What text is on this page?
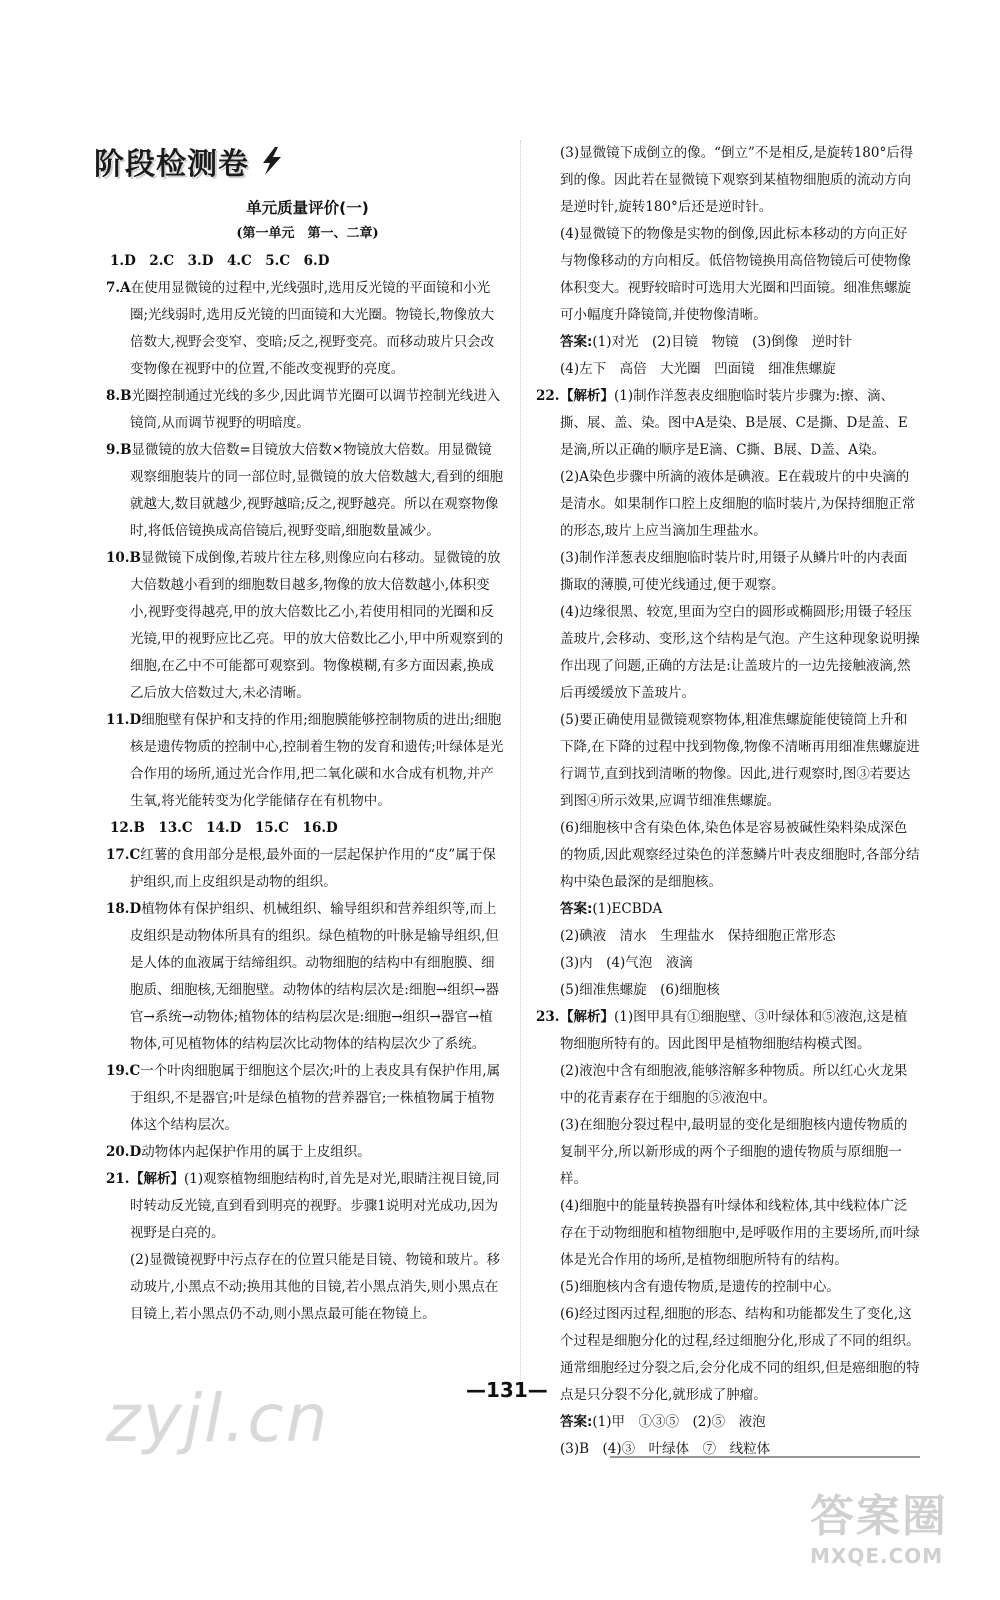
阶段检测卷
单元质量评价(一)
(第一单元　第一、二章)
1.D　2.C　3.D　4.C　5.C　6.D
7.A在使用显微镜的过程中,光线强时,选用反光镜的平面镜和小光圈;光线弱时,选用反光镜的凹面镜和大光圈。物镜长,物像放大倍数大,视野会变窄、变暗;反之,视野变亮。而移动玻片只会改变物像在视野中的位置,不能改变视野的亮度。
8.B光圈控制通过光线的多少,因此调节光圈可以调节控制光线进入镜筒,从而调节视野的明暗度。
9.B显微镜的放大倍数=目镜放大倍数×物镜放大倍数。用显微镜观察细胞装片的同一部位时,显微镜的放大倍数越大,看到的细胞就越大,数目就越少,视野越暗;反之,视野越亮。所以在观察物像时,将低倍镜换成高倍镜后,视野变暗,细胞数量减少。
10.B显微镜下成倒像,若玻片往左移,则像应向右移动。显微镜的放大倍数越小看到的细胞数目越多,物像的放大倍数越小,体积变小,视野变得越亮,甲的放大倍数比乙小,若使用相同的光圈和反光镜,甲的视野应比乙亮。甲的放大倍数比乙小,甲中所观察到的细胞,在乙中不可能都可观察到。物像模糊,有多方面因素,换成乙后放大倍数过大,未必清晰。
11.D细胞壁有保护和支持的作用;细胞膜能够控制物质的进出;细胞核是遗传物质的控制中心,控制着生物的发育和遗传;叶绿体是光合作用的场所,通过光合作用,把二氧化碳和水合成有机物,并产生氧,将光能转变为化学能储存在有机物中。
12.B　13.C　14.D　15.C　16.D
17.C红薯的食用部分是根,最外面的一层起保护作用的“皮”属于保护组织,而上皮组织是动物的组织。
18.D植物体有保护组织、机械组织、输导组织和营养组织等,而上皮组织是动物体所具有的组织。绿色植物的叶脉是输导组织,但是人体的血液属于结缔组织。动物细胞的结构中有细胞膜、细胞质、细胞核,无细胞壁。动物体的结构层次是:细胞→组织→器官→系统→动物体;植物体的结构层次是:细胞→组织→器官→植物体,可见植物体的结构层次比动物体的结构层次少了系统。
19.C一个叶肉细胞属于细胞这个层次;叶的上表皮具有保护作用,属于组织,不是器官;叶是绿色植物的营养器官;一株植物属于植物体这个结构层次。
20.D动物体内起保护作用的属于上皮组织。
21.【解析】(1)观察植物细胞结构时,首先是对光,眼睛注视目镜,同时转动反光镜,直到看到明亮的视野。步骤1说明对光成功,因为视野是白亮的。
(2)显微镜视野中污点存在的位置只能是目镜、物镜和玻片。移动玻片,小黑点不动;换用其他的目镜,若小黑点消失,则小黑点在目镜上,若小黑点仍不动,则小黑点最可能在物镜上。
(3)显微镜下成倒立的像。“倒立”不是相反,是旋转180°后得到的像。因此若在显微镜下观察到某植物细胞质的流动方向是逆时针,旋转180°后还是逆时针。
(4)显微镜下的物像是实物的倒像,因此标本移动的方向正好与物像移动的方向相反。低倍物镜换用高倍物镜后可使物像体积变大。视野较暗时可选用大光圈和凹面镜。细准焦螺旋可小幅度升降镜筒,并使物像清晰。
答案:(1)对光　(2)目镜　物镜　(3)倒像　逆时针
(4)左下　高倍　大光圈　凹面镜　细准焦螺旋
22.【解析】(1)制作洋葱表皮细胞临时装片步骤为:擦、滴、撕、展、盖、染。图中A是染、B是展、C是撕、D是盖、E是滴,所以正确的顺序是E滴、C撕、B展、D盖、A染。
(2)A染色步骤中所滴的液体是碘液。E在载玻片的中央滴的是清水。如果制作口腔上皮细胞的临时装片,为保持细胞正常的形态,玻片上应当滴加生理盐水。
(3)制作洋葱表皮细胞临时装片时,用镊子从鳞片叶的内表面撕取的薄膜,可使光线通过,便于观察。
(4)边缘很黑、较宽,里面为空白的圆形或椭圆形;用镊子轻压盖玻片,会移动、变形,这个结构是气泡。产生这种现象说明操作出现了问题,正确的方法是:让盖玻片的一边先接触液滴,然后再缓缓放下盖玻片。
(5)要正确使用显微镜观察物体,粗准焦螺旋能使镜筒上升和下降,在下降的过程中找到物像,物像不清晰再用细准焦螺旋进行调节,直到找到清晰的物像。因此,进行观察时,图③若要达到图④所示效果,应调节细准焦螺旋。
(6)细胞核中含有染色体,染色体是容易被碱性染料染成深色的物质,因此观察经过染色的洋葱鳞片叶表皮细胞时,各部分结构中染色最深的是细胞核。
答案:(1)ECBDA
(2)碘液　清水　生理盐水　保持细胞正常形态
(3)内　(4)气泡　液滴
(5)细准焦螺旋　(6)细胞核
23.【解析】(1)图甲具有①细胞壁、③叶绿体和⑤液泡,这是植物细胞所特有的。因此图甲是植物细胞结构模式图。
(2)液泡中含有细胞液,能够溶解多种物质。所以红心火龙果中的花青素存在于细胞的⑤液泡中。
(3)在细胞分裂过程中,最明显的变化是细胞核内遗传物质的复制平分,所以新形成的两个子细胞的遗传物质与原细胞一样。
(4)细胞中的能量转换器有叶绿体和线粒体,其中线粒体广泛存在于动物细胞和植物细胞中,是呼吸作用的主要场所,而叶绿体是光合作用的场所,是植物细胞所特有的结构。
(5)细胞核内含有遗传物质,是遗传的控制中心。
(6)经过图丙过程,细胞的形态、结构和功能都发生了变化,这个过程是细胞分化的过程,经过细胞分化,形成了不同的组织。通常细胞经过分裂之后,会分化成不同的组织,但是癌细胞的特点是只分裂不分化,就形成了肿瘤。
答案:(1)甲　①③⑤　(2)⑤　液泡
(3)B　(4)③　叶绿体　⑦　线粒体
—131—
zyjl.cn
答案圈
MXQE.COM
